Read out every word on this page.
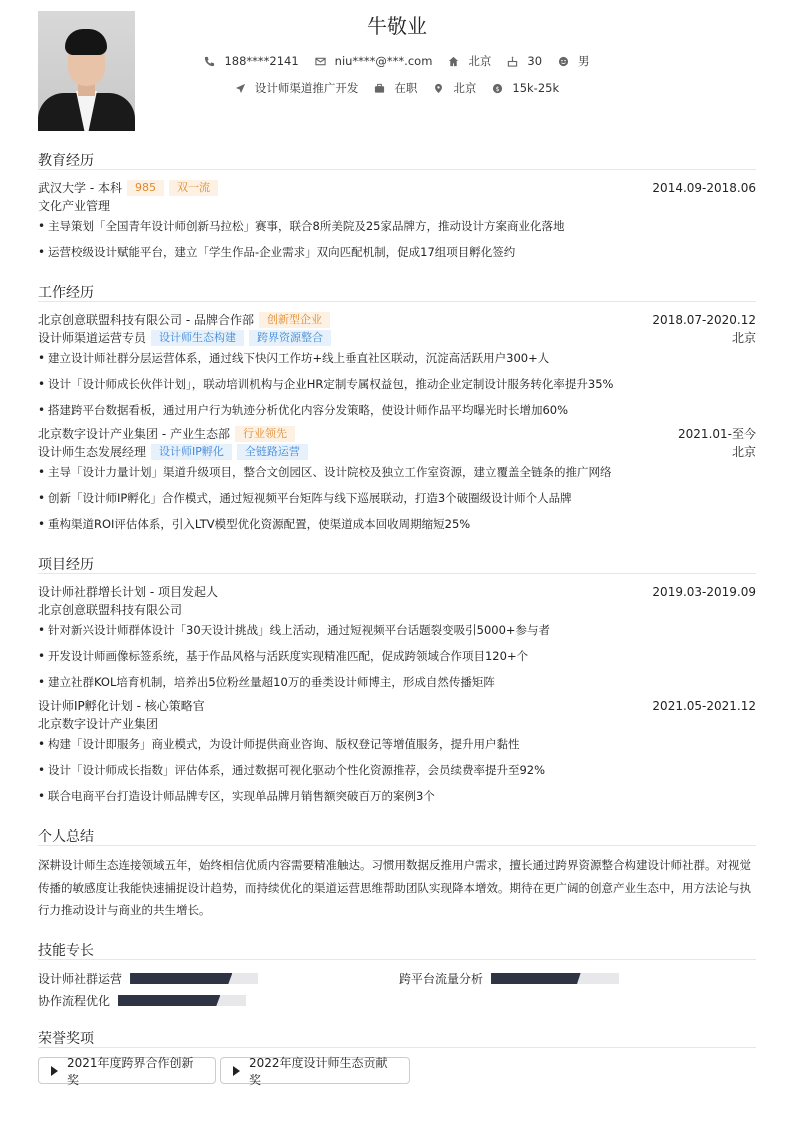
牛敬业
188****2141	niu****@***.com	北京	30	男
设计师渠道推广开发	在职	北京	$ 15k-25k
教育经历
武汉大学 - 本科	985	双一流	2014.09-2018.06
文化产业管理
• 主导策划「全国青年设计师创新马拉松」赛事，联合8所美院及25家品牌方，推动设计方案商业化落地
• 运营校级设计赋能平台，建立「学生作品-企业需求」双向匹配机制，促成17组项目孵化签约
工作经历
北京创意联盟科技有限公司 - 品牌合作部	创新型企业	2018.07-2020.12
设计师渠道运营专员	设计师生态构建	跨界资源整合	北京
• 建立设计师社群分层运营体系，通过线下快闪工作坊+线上垂直社区联动，沉淀高活跃用户300+人
• 设计「设计师成长伙伴计划」，联动培训机构与企业HR定制专属权益包，推动企业定制设计服务转化率提升35%
• 搭建跨平台数据看板，通过用户行为轨迹分析优化内容分发策略，使设计师作品平均曝光时长增加60%
北京数字设计产业集团 - 产业生态部	行业领先	2021.01-至今
设计师生态发展经理	设计师IP孵化	全链路运营	北京
• 主导「设计力量计划」渠道升级项目，整合文创园区、设计院校及独立工作室资源，建立覆盖全链条的推广网络
• 创新「设计师IP孵化」合作模式，通过短视频平台矩阵与线下巡展联动，打造3个破圈级设计师个人品牌
• 重构渠道ROI评估体系，引入LTV模型优化资源配置，使渠道成本回收周期缩短25%
项目经历
设计师社群增长计划 - 项目发起人	2019.03-2019.09
北京创意联盟科技有限公司
• 针对新兴设计师群体设计「30天设计挑战」线上活动，通过短视频平台话题裂变吸引5000+参与者
• 开发设计师画像标签系统，基于作品风格与活跃度实现精准匹配，促成跨领域合作项目120+个
• 建立社群KOL培育机制，培养出5位粉丝量超10万的垂类设计师博主，形成自然传播矩阵
设计师IP孵化计划 - 核心策略官	2021.05-2021.12
北京数字设计产业集团
• 构建「设计即服务」商业模式，为设计师提供商业咨询、版权登记等增值服务，提升用户黏性
• 设计「设计师成长指数」评估体系，通过数据可视化驱动个性化资源推荐，会员续费率提升至92%
• 联合电商平台打造设计师品牌专区，实现单品牌月销售额突破百万的案例3个
个人总结
深耕设计师生态连接领域五年，始终相信优质内容需要精准触达。习惯用数据反推用户需求，擅长通过跨界资源整合构建设计师社群。对视觉传播的敏感度让我能快速捕捉设计趋势，而持续优化的渠道运营思维帮助团队实现降本增效。期待在更广阔的创意产业生态中，用方法论与执行力推动设计与商业的共生增长。
技能专长
设计师社群运营	跨平台流量分析
协作流程优化
荣誉奖项
2021年度跨界合作创新奖
2022年度设计师生态贡献奖
